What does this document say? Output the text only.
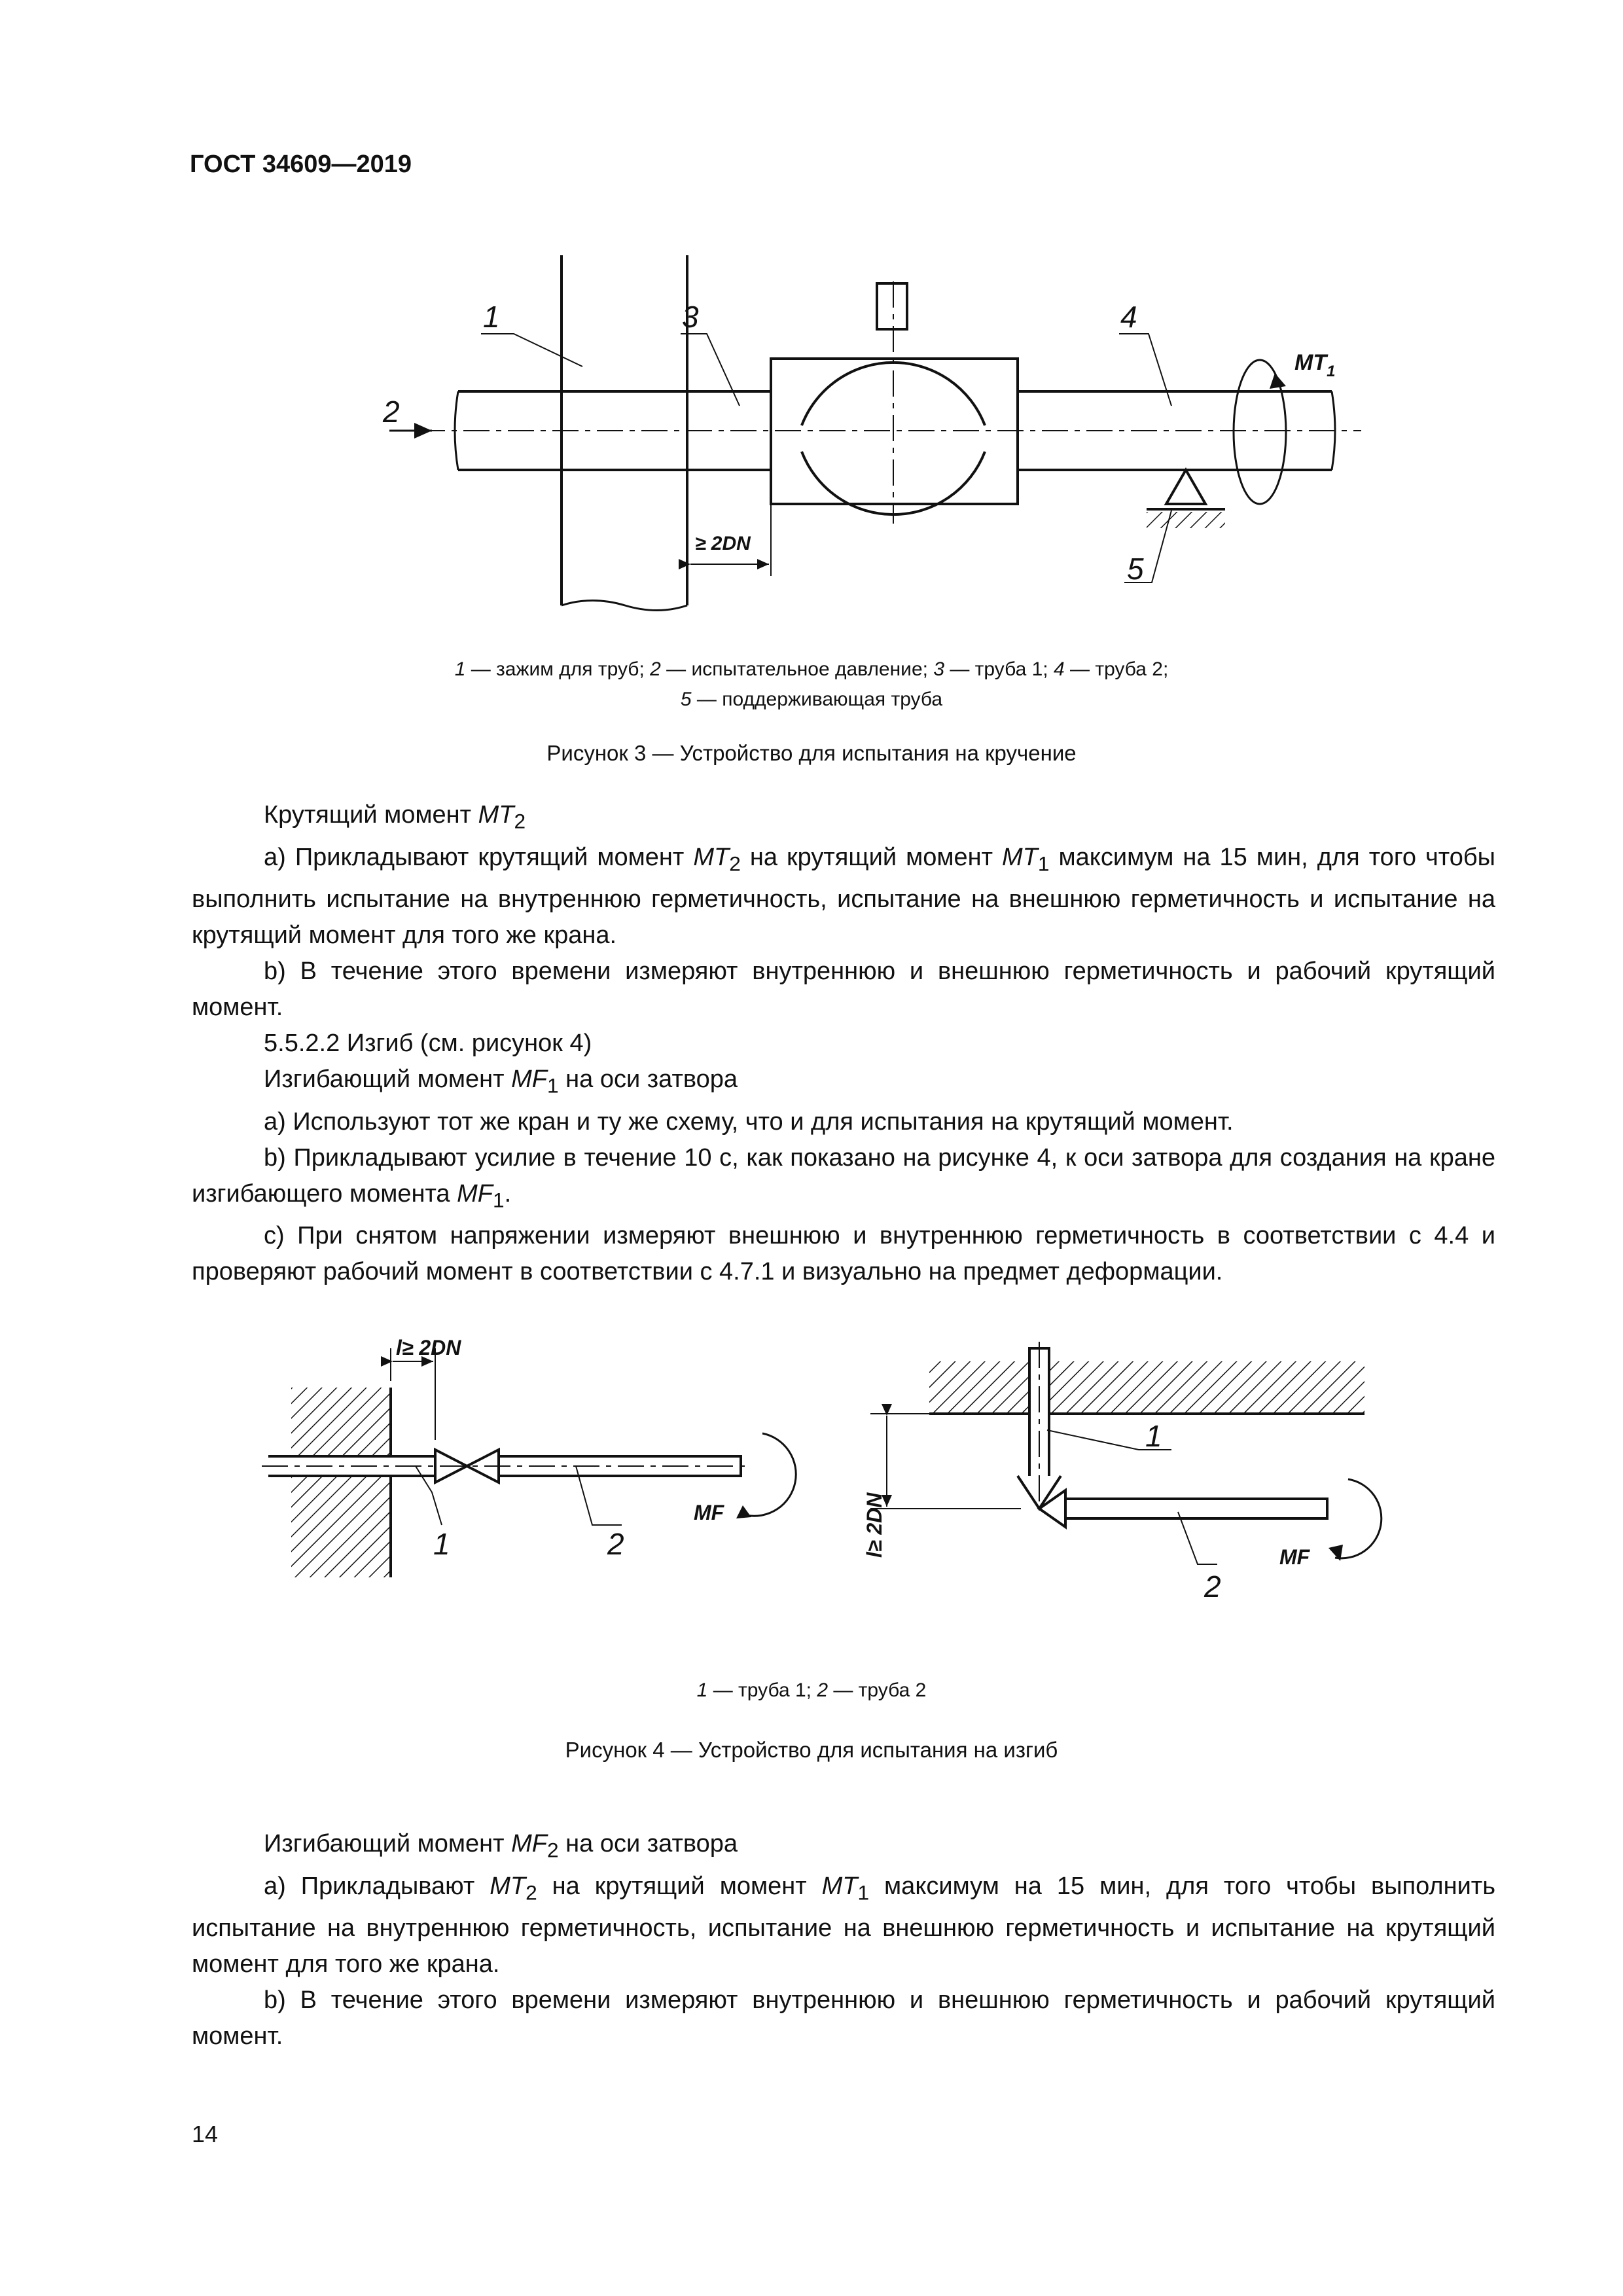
ГОСТ 34609—2019
1
2
3	4
5
$MT_1$
≥ 2DN
1 — зажим для труб; 2 — испытательное давление; 3 — труба 1; 4 — труба 2;
5 — поддерживающая труба
Рисунок 3 — Устройство для испытания на кручение

Крутящий момент $MT_2$

a) Прикладывают крутящий момент $MT_2$ на крутящий момент $MT_1$ максимум на 15 мин, для того чтобы выполнить испытание на внутреннюю герметичность, испытание на внешнюю герметичность и испытание на крутящий момент для того же крана.

b) В течение этого времени измеряют внутреннюю и внешнюю герметичность и рабочий крутящий момент.

5.5.2.2 Изгиб (см. рисунок 4)

Изгибающий момент $MF_1$ на оси затвора

a) Используют тот же кран и ту же схему, что и для испытания на крутящий момент.

b) Прикладывают усилие в течение 10 с, как показано на рисунке 4, к оси затвора для создания на кране изгибающего момента $MF_1$.

c) При снятом напряжении измеряют внешнюю и внутреннюю герметичность в соответствии с 4.4 и проверяют рабочий момент в соответствии с 4.7.1 и визуально на предмет деформации.

l≥ 2DN
l≥ 2DN
1	2
1
2
MF
MF
1 — труба 1; 2 — труба 2
Рисунок 4 — Устройство для испытания на изгиб

Изгибающий момент $MF_2$ на оси затвора

a) Прикладывают $MT_2$ на крутящий момент $MT_1$ максимум на 15 мин, для того чтобы выполнить испытание на внутреннюю герметичность, испытание на внешнюю герметичность и испытание на крутящий момент для того же крана.

b) В течение этого времени измеряют внутреннюю и внешнюю герметичность и рабочий крутящий момент.

14
